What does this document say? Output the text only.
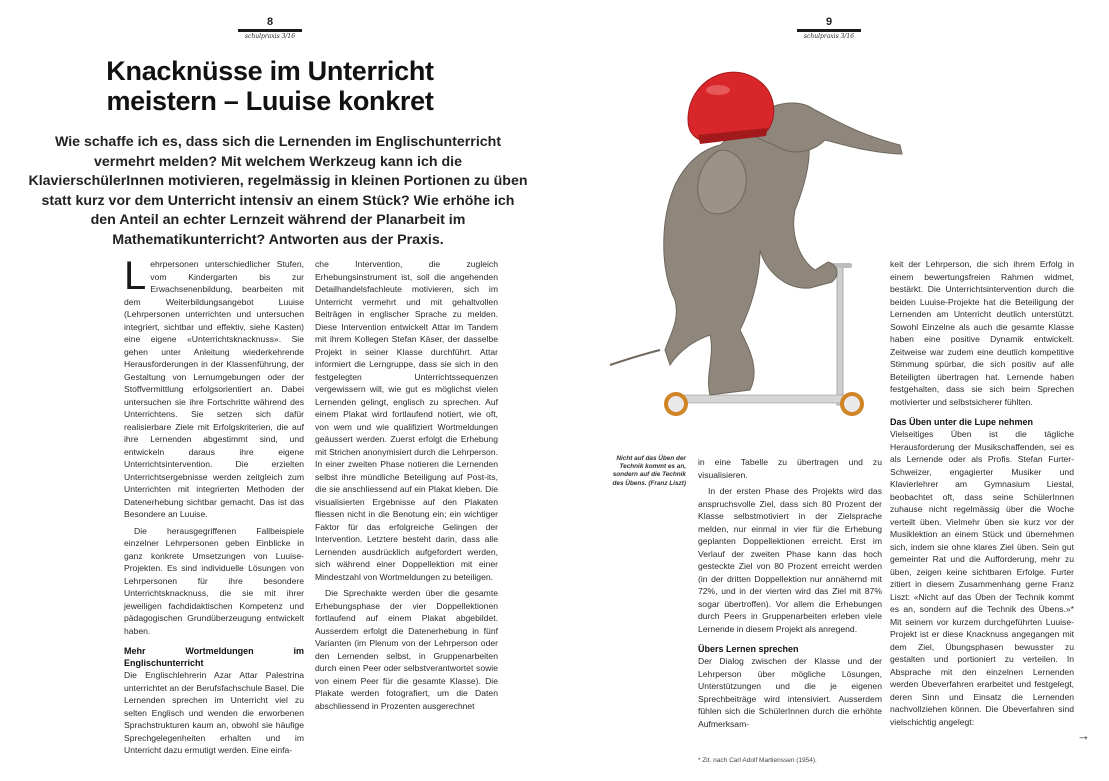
8
schulpraxis 3/16
Knacknüsse im Unterricht meistern – Luuise konkret

Wie schaffe ich es, dass sich die Lernenden im Englischunterricht vermehrt melden? Mit welchem Werkzeug kann ich die KlavierschülerInnen motivieren, regelmässig in kleinen Portionen zu üben statt kurz vor dem Unterricht intensiv an einem Stück? Wie erhöhe ich den Anteil an echter Lernzeit während der Planarbeit im Mathematikunterricht? Antworten aus der Praxis.

Lehrpersonen unterschiedlicher Stufen, vom Kindergarten bis zur Erwachsenenbildung, bearbeiten mit dem Weiterbildungsangebot Luuise (Lehrpersonen unterrichten und untersuchen integriert, sichtbar und effektiv, siehe Kasten) eine eigene «Unterrichtsknacknuss». Sie gehen unter Anleitung wiederkehrende Herausforderungen in der Klassenführung, der Gestaltung von Lernumgebungen oder der Stoffvermittlung erfolgsorientiert an. Dabei untersuchen sie ihre Fortschritte während des Unterrichtens. Sie setzen sich dafür realisierbare Ziele mit Erfolgskriterien, die auf ihre Lernenden abgestimmt sind, und entwickeln daraus ihre eigene Unterrichtsintervention. Die erzielten Unterrichtsergebnisse werden zeitgleich zum Unterrichten mit integrierten Methoden der Datenerhebung sichtbar gemacht. Das ist das Besondere an Luuise.

Die herausgegriffenen Fallbeispiele einzelner Lehrpersonen geben Einblicke in ganz konkrete Umsetzungen von Luuise-Projekten. Es sind individuelle Lösungen von Lehrpersonen für ihre besondere Unterrichtsknacknuss, die sie mit ihrer jeweiligen fachdidaktischen Kompetenz und pädagogischen Grundüberzeugung entwickelt haben.

Mehr Wortmeldungen im Englischunterricht

Die Englischlehrerin Azar Attar Palestrina unterrichtet an der Berufsfachschule Basel. Die Lernenden sprechen im Unterricht viel zu selten Englisch und wenden die erworbenen Sprachstrukturen kaum an, obwohl sie häufige Sprechgelegenheiten erhalten und im Unterricht dazu ermutigt werden. Eine einfa-

che Intervention, die zugleich Erhebungsinstrument ist, soll die angehenden Detailhandelsfachleute motivieren, sich im Unterricht vermehrt und mit gehaltvollen Beiträgen in englischer Sprache zu melden. Diese Intervention entwickelt Attar im Tandem mit ihrem Kollegen Stefan Käser, der dasselbe Projekt in seiner Klasse durchführt. Attar informiert die Lerngruppe, dass sie sich in den festgelegten Unterrichtssequenzen vergewissern will, wie gut es möglichst vielen Lernenden gelingt, englisch zu sprechen. Auf einem Plakat wird fortlaufend notiert, wie oft, von wem und wie qualifiziert Wortmeldungen geäussert werden. Zuerst erfolgt die Erhebung mit Strichen anonymisiert durch die Lehrperson. In einer zweiten Phase notieren die Lernenden selbst ihre mündliche Beteiligung auf Post-its, die sie anschliessend auf ein Plakat kleben. Die visualisierten Ergebnisse auf den Plakaten fliessen nicht in die Benotung ein; ein wichtiger Faktor für das erfolgreiche Gelingen der Intervention. Letztere besteht darin, dass alle Lernenden ausdrücklich aufgefordert werden, sich während einer Doppellektion mit einer Mindestzahl von Wortmeldungen zu beteiligen.

Die Sprechakte werden über die gesamte Erhebungsphase der vier Doppellektionen fortlaufend auf einem Plakat abgebildet. Ausserdem erfolgt die Datenerhebung in fünf Varianten (im Plenum von der Lehrperson oder den Lernenden selbst, in Gruppenarbeiten durch einen Peer oder selbstverantwortet sowie von einem Peer für die gesamte Klasse). Die Plakate werden fotografiert, um die Daten abschliessend in Prozenten ausgerechnet

9
schulpraxis 3/16
Nicht auf das Üben der Technik kommt es an, sondern auf die Technik des Übens. (Franz Liszt)

in eine Tabelle zu übertragen und zu visualisieren.

In der ersten Phase des Projekts wird das anspruchsvolle Ziel, dass sich 80 Prozent der Klasse selbstmotiviert in der Zielsprache melden, nur einmal in vier für die Erhebung geplanten Doppellektionen erreicht. Erst im Verlauf der zweiten Phase kann das hoch gesteckte Ziel von 80 Prozent erreicht werden (in der dritten Doppellektion nur annähernd mit 72%, und in der vierten wird das Ziel mit 87% sogar übertroffen). Vor allem die Erhebungen durch Peers in Gruppenarbeiten erleben viele Lernende in diesem Projekt als anregend.

Übers Lernen sprechen

Der Dialog zwischen der Klasse und der Lehrperson über mögliche Lösungen, Unterstützungen und die je eigenen Sprechbeiträge wird intensiviert. Ausserdem fühlen sich die SchülerInnen durch die erhöhte Aufmerksam-

keit der Lehrperson, die sich ihrem Erfolg in einem bewertungsfreien Rahmen widmet, bestärkt. Die Unterrichtsintervention durch die beiden Luuise-Projekte hat die Beteiligung der Lernenden am Unterricht deutlich unterstützt. Sowohl Einzelne als auch die gesamte Klasse haben eine positive Dynamik entwickelt. Zeitweise war zudem eine deutlich kompetitive Stimmung spürbar, die sich positiv auf alle Beteiligten übertragen hat. Lernende haben festgehalten, dass sie sich beim Sprechen motivierter und selbstsicherer fühlten.

Das Üben unter die Lupe nehmen

Vielseitiges Üben ist die tägliche Herausforderung der Musikschaffenden, sei es als Lernende oder als Profis. Stefan Furter-Schweizer, engagierter Musiker und Klavierlehrer am Gymnasium Liestal, beobachtet oft, dass seine SchülerInnen zuhause nicht regelmässig über die Woche verteilt üben. Vielmehr üben sie kurz vor der Musiklektion an einem Stück und übernehmen sich, indem sie ohne klares Ziel üben. Sein gut gemeinter Rat und die Aufforderung, mehr zu üben, zeigen keine sichtbaren Erfolge. Furter zitiert in diesem Zusammenhang gerne Franz Liszt: «Nicht auf das Üben der Technik kommt es an, sondern auf die Technik des Übens.»* Mit seinem vor kurzem durchgeführten Luuise-Projekt ist er diese Knacknuss angegangen mit dem Ziel, Übungsphasen bewusster zu gestalten und portioniert zu verteilen. In Absprache mit den einzelnen Lernenden werden Übeverfahren erarbeitet und festgelegt, deren Sinn und Einsatz die Lernenden nachvollziehen können. Die Übeverfahren sind vielschichtig angelegt:

→
* Zit. nach Carl Adolf Martienssen (1954).
